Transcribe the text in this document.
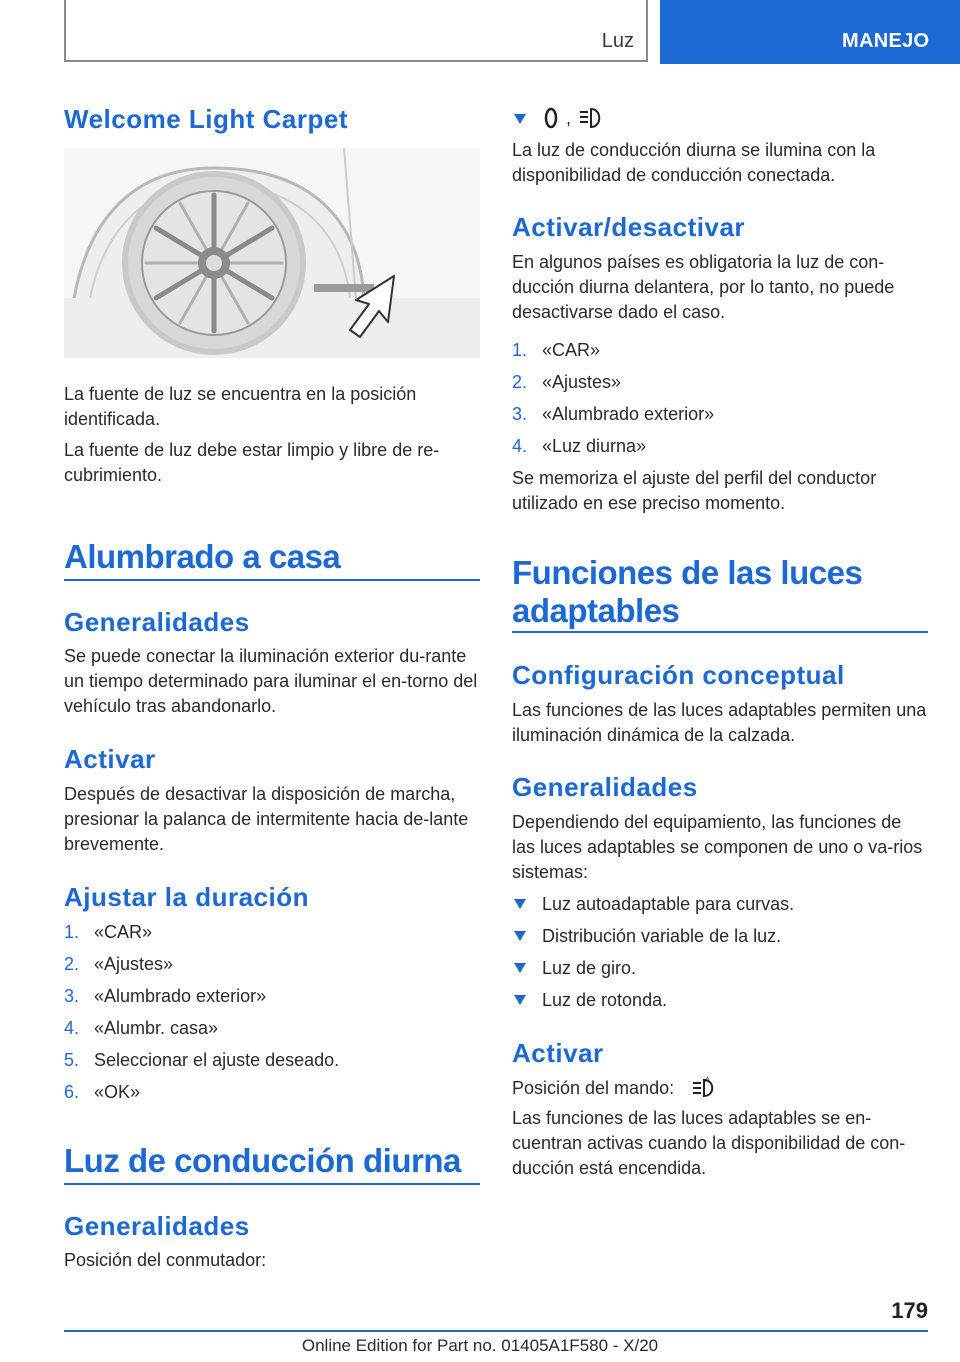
Luz	MANEJO
Welcome Light Carpet

La fuente de luz se encuentra en la posición identificada.

La fuente de luz debe estar limpio y libre de re-cubrimiento.

Alumbrado a casa
Generalidades

Se puede conectar la iluminación exterior du-rante un tiempo determinado para iluminar el en-torno del vehículo tras abandonarlo.

Activar

Después de desactivar la disposición de marcha, presionar la palanca de intermitente hacia de-lante brevemente.

Ajustar la duración
1. «CAR»
2. «Ajustes»
3. «Alumbrado exterior»
4. «Alumbr. casa»
5. Seleccionar el ajuste deseado.
6. «OK»
Luz de conducción diurna
Generalidades

Posición del conmutador:

,

La luz de conducción diurna se ilumina con la disponibilidad de conducción conectada.

Activar/desactivar

En algunos países es obligatoria la luz de con-ducción diurna delantera, por lo tanto, no puede desactivarse dado el caso.

1. «CAR»
2. «Ajustes»
3. «Alumbrado exterior»
4. «Luz diurna»

Se memoriza el ajuste del perfil del conductor utilizado en ese preciso momento.

Funciones de las luces
adaptables
Configuración conceptual

Las funciones de las luces adaptables permiten una iluminación dinámica de la calzada.

Generalidades

Dependiendo del equipamiento, las funciones de las luces adaptables se componen de uno o va-rios sistemas:

Luz autoadaptable para curvas.
Distribución variable de la luz.
Luz de giro.
Luz de rotonda.
Activar
Posición del mando:	A

Las funciones de las luces adaptables se en-cuentran activas cuando la disponibilidad de con-ducción está encendida.

179
Online Edition for Part no. 01405A1F580 - X/20
